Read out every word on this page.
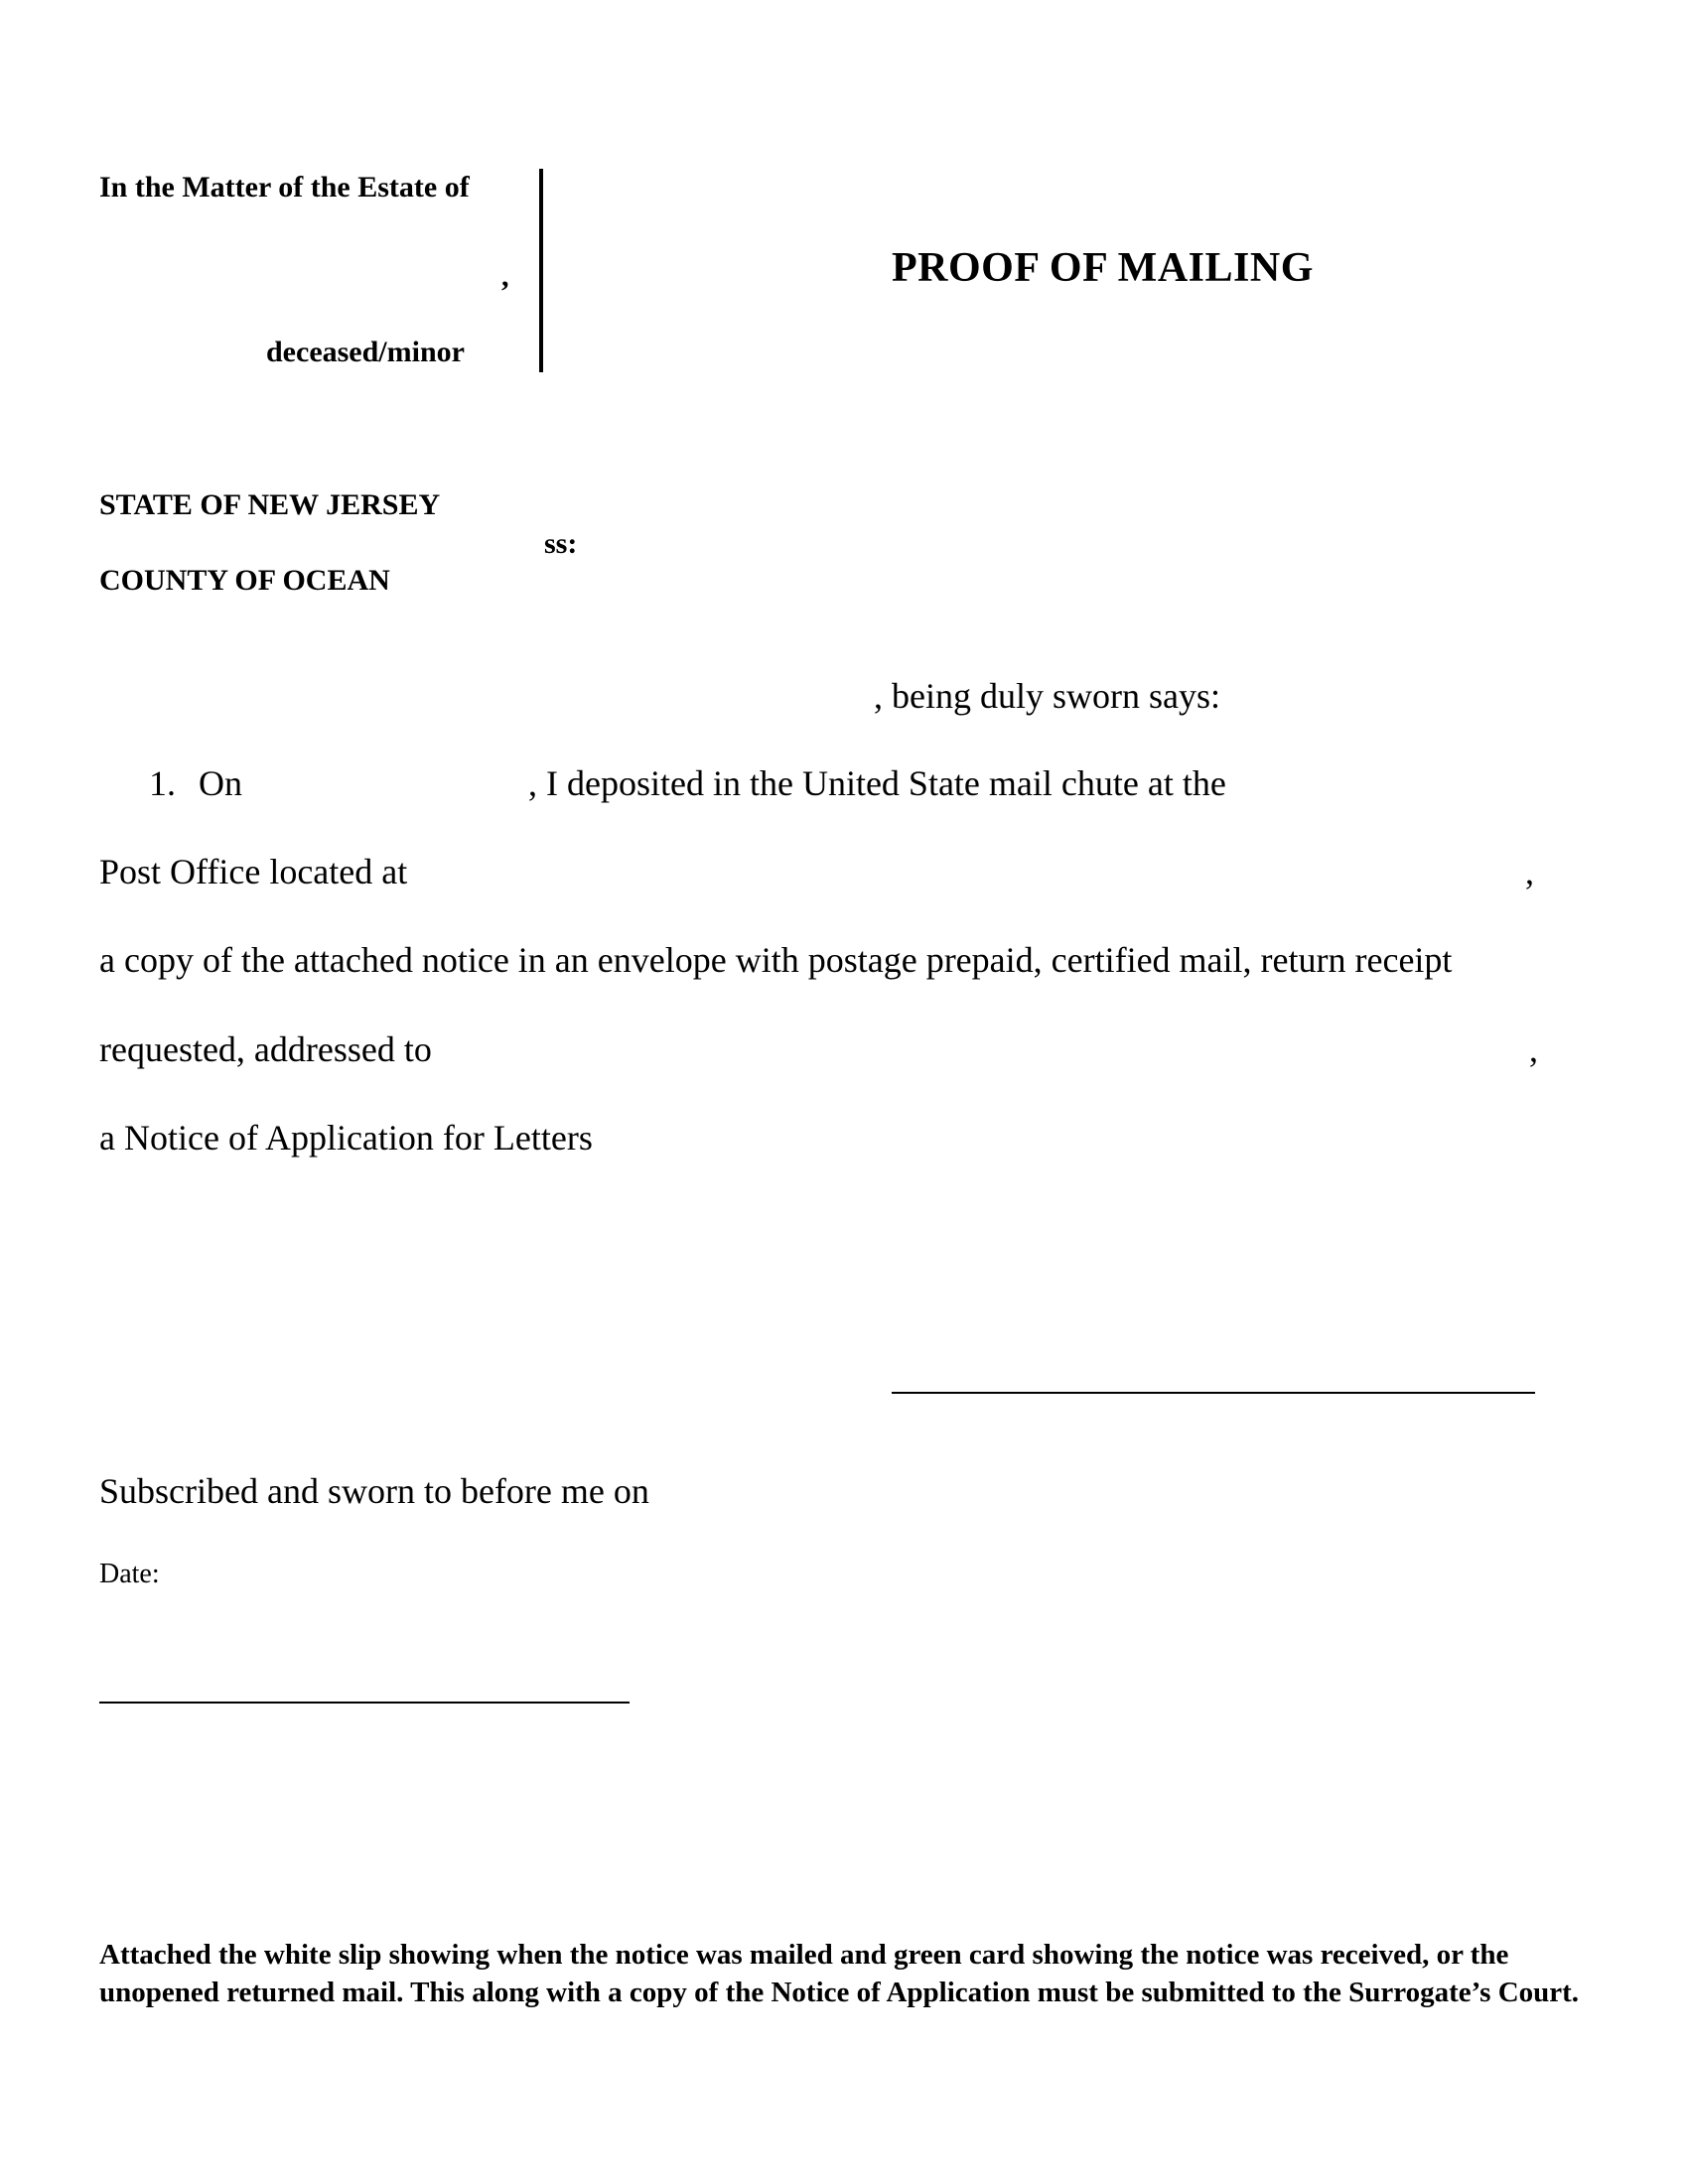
In the Matter of the Estate of
,
deceased/minor
PROOF OF MAILING
STATE OF NEW JERSEY
ss:
COUNTY OF OCEAN
, being duly sworn says:
1. On	, I deposited in the United State mail chute at the
Post Office located at	,
a copy of the attached notice in an envelope with postage prepaid, certified mail, return receipt
requested, addressed to	,
a Notice of Application for Letters
Subscribed and sworn to before me on
Date:
Attached the white slip showing when the notice was mailed and green card showing the notice was received, or the unopened returned mail. This along with a copy of the Notice of Application must be submitted to the Surrogate’s Court.
